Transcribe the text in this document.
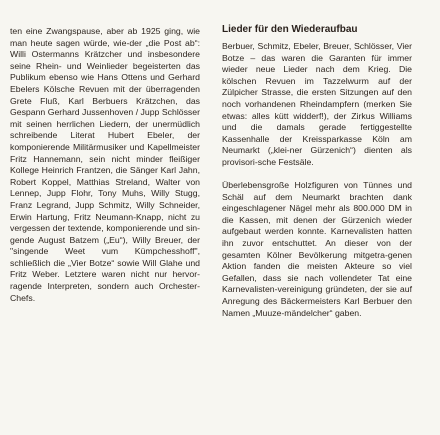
ten eine Zwangspause, aber ab 1925 ging, wie man heute sagen würde, wie-der „die Post ab“: Willi Ostermanns Krätzcher und insbesondere seine Rhein- und Weinlieder begeisterten das Publikum ebenso wie Hans Ottens und Gerhard Ebelers Kölsche Revuen mit der überragenden Grete Fluß, Karl Berbuers Krätzchen, das Gespann Gerhard Jussenhoven / Jupp Schlösser mit seinen herrlichen Liedern, der unermüdlich schreibende Literat Hubert Ebeler, der komponierende Militärmusiker und Kapellmeister Fritz Hannemann, sein nicht minder fleißiger Kollege Heinrich Frantzen, die Sänger Karl Jahn, Robert Koppel, Matthias Streland, Walter von Lennep, Jupp Flohr, Tony Muhs, Willy Stugg, Franz Legrand, Jupp Schmitz, Willy Schneider, Erwin Hartung, Fritz Neumann-Knapp, nicht zu vergessen der textende, komponierende und sin-gende August Batzem („Eu“), Willy Breuer, der "singende Weet vum Kümpchesshoff", schließlich die „Vier Botze“ sowie Will Glahe und Fritz Weber. Letztere waren nicht nur hervor-ragende Interpreten, sondern auch Orchester-Chefs.

Lieder für den Wiederaufbau

Berbuer, Schmitz, Ebeler, Breuer, Schlösser, Vier Botze – das waren die Garanten für immer wieder neue Lieder nach dem Krieg. Die kölschen Revuen im Tazzelwurm auf der Zülpicher Strasse, die ersten Sitzungen auf den noch vorhandenen Rheindampfern (merken Sie etwas: alles kütt widderf!), der Zirkus Williams und die damals gerade fertiggestellte Kassenhalle der Kreissparkasse Köln am Neumarkt („klei-ner Gürzenich“) dienten als provisori-sche Festsäle.

Überlebensgroße Holzfiguren von Tünnes und Schäl auf dem Neumarkt brachten dank eingeschlagener Nägel mehr als 800.000 DM in die Kassen, mit denen der Gürzenich wieder aufgebaut werden konnte. Karnevalisten hatten ihn zuvor entschuttet. An dieser von der gesamten Kölner Bevölkerung mitgetra-genen Aktion fanden die meisten Akteure so viel Gefallen, dass sie nach vollendeter Tat eine Karnevalisten-vereinigung gründeten, der sie auf Anregung des Bäckermeisters Karl Berbuer den Namen „Muuze-mändelcher“ gaben.
